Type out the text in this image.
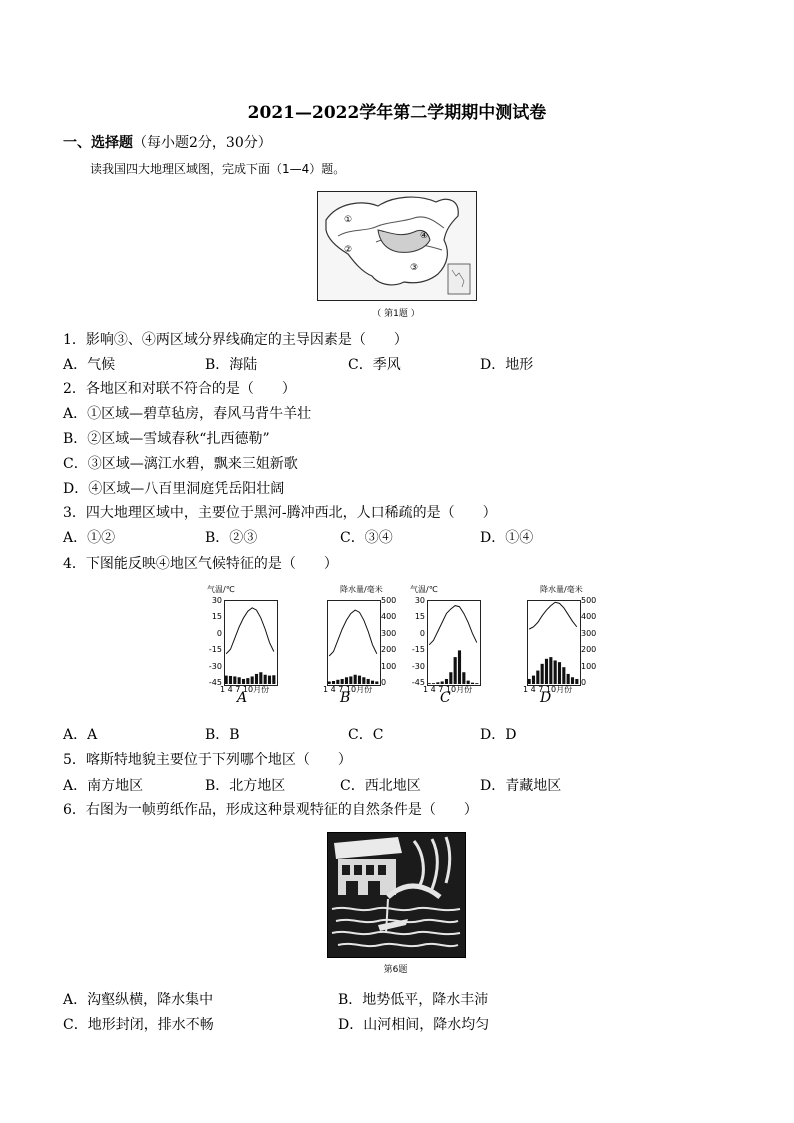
2021—2022学年第二学期期中测试卷
一、选择题（每小题2分，30分）
读我国四大地理区域图，完成下面（1—4）题。
①
②
③
④
（ 第1题 ）
1．影响③、④两区域分界线确定的主导因素是（　　）
A．气候	B．海陆	C．季风	D．地形
2．各地区和对联不符合的是（　　）
A．①区域—碧草毡房，春风马背牛羊壮
B．②区域—雪域春秋“扎西德勒”
C．③区域—漓江水碧，飘来三姐新歌
D．④区域—八百里洞庭凭岳阳壮阔
3．四大地理区域中，主要位于黑河-腾冲西北，人口稀疏的是（　　）
A．①②	B．②③	C．③④	D．①④
4．下图能反映④地区气候特征的是（　　）
气温/℃
30
15
0
-15
-30
-45
1 4 7 10月份
A
降水量/毫米
500
400
300
200
100
0
1 4 7 10月份
B
气温/℃
30
15
0
-15
-30
-45
1 4 7 10月份
C
降水量/毫米
500
400
300
200
100
0
1 4 7 10月份
D
A．A	B．B	C．C	D．D
5．喀斯特地貌主要位于下列哪个地区（　　）
A．南方地区	B．北方地区	C．西北地区	D．青藏地区
6．右图为一帧剪纸作品，形成这种景观特征的自然条件是（　　）
第6题
A．沟壑纵横，降水集中	B．地势低平，降水丰沛
C．地形封闭，排水不畅	D．山河相间，降水均匀
